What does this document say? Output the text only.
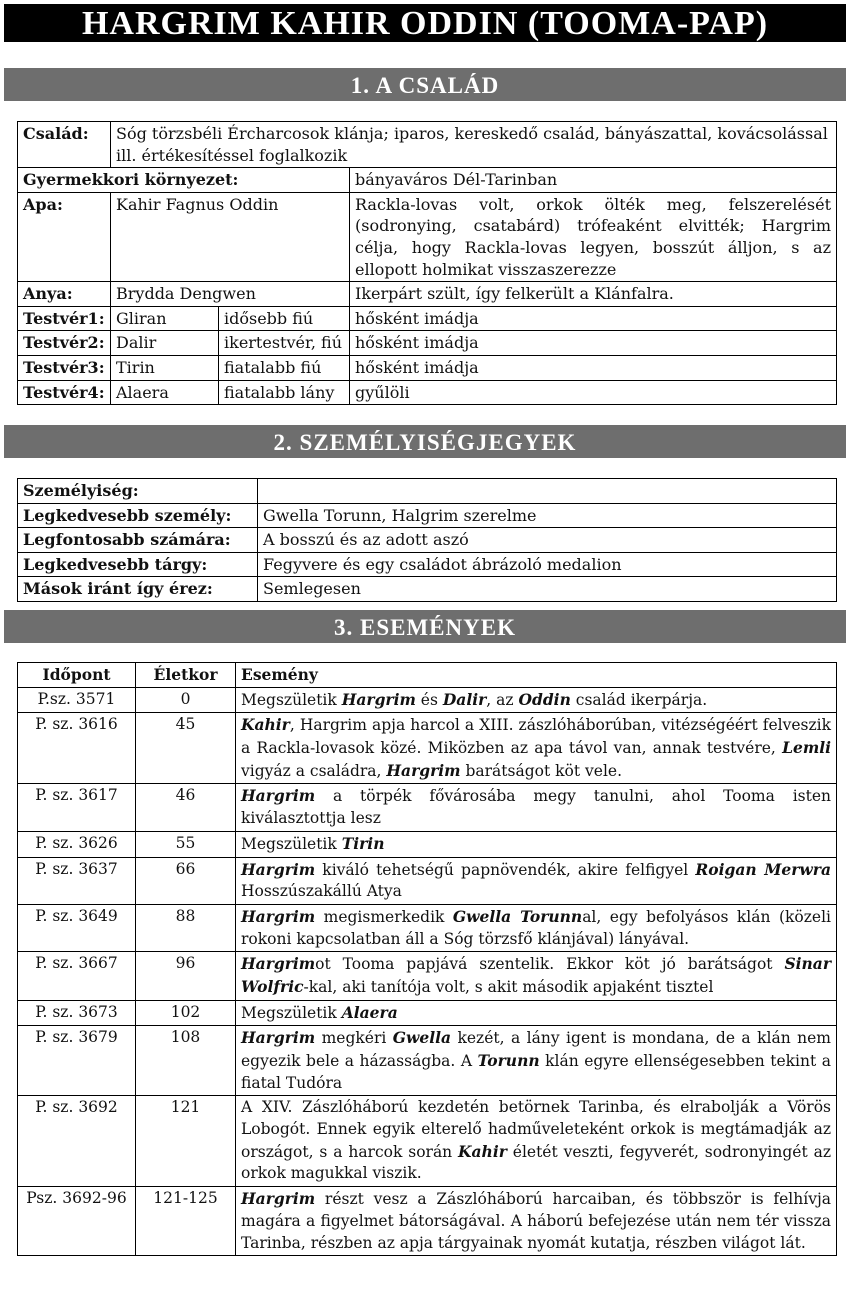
HARGRIM KAHIR ODDIN (TOOMA-PAP)
1. A CSALÁD
Család:	Sóg törzsbéli Ércharcosok klánja; iparos, kereskedő család, bányászattal, kovácsolással ill. értékesítéssel foglalkozik		
Gyermekkori környezet:			bányaváros Dél-Tarinban
Apa:	Kahir Fagnus Oddin		Rackla-lovas volt, orkok ölték meg, felszerelését (sodronying, csatabárd) trófeaként elvitték; Hargrim célja, hogy Rackla-lovas legyen, bosszút álljon, s az ellopott holmikat visszaszerezze
Anya:	Brydda Dengwen		Ikerpárt szült, így felkerült a Klánfalra.
Testvér1:	Gliran	idősebb fiú	hősként imádja
Testvér2:	Dalir	ikertestvér, fiú	hősként imádja
Testvér3:	Tirin	fiatalabb fiú	hősként imádja
Testvér4:	Alaera	fiatalabb lány	gyűlöli
2. SZEMÉLYISÉGJEGYEK
Személyiség:	
Legkedvesebb személy:	Gwella Torunn, Halgrim szerelme
Legfontosabb számára:	A bosszú és az adott aszó
Legkedvesebb tárgy:	Fegyvere és egy családot ábrázoló medalion
Mások iránt így érez:	Semlegesen
3. ESEMÉNYEK
Időpont	Életkor	Esemény
P.sz. 3571	0	Megszületik Hargrim és Dalir, az Oddin család ikerpárja.
P. sz. 3616	45	Kahir, Hargrim apja harcol a XIII. zászlóháborúban, vitézségéért felveszik a Rackla-lovasok közé. Miközben az apa távol van, annak testvére, Lemli vigyáz a családra, Hargrim barátságot köt vele.
P. sz. 3617	46	Hargrim a törpék fővárosába megy tanulni, ahol Tooma isten kiválasztottja lesz
P. sz. 3626	55	Megszületik Tirin
P. sz. 3637	66	Hargrim kiváló tehetségű papnövendék, akire felfigyel Roigan Merwra Hosszúszakállú Atya
P. sz. 3649	88	Hargrim megismerkedik Gwella Torunnal, egy befolyásos klán (közeli rokoni kapcsolatban áll a Sóg törzsfő klánjával) lányával.
P. sz. 3667	96	Hargrimot Tooma papjává szentelik. Ekkor köt jó barátságot Sinar Wolfric-kal, aki tanítója volt, s akit második apjaként tisztel
P. sz. 3673	102	Megszületik Alaera
P. sz. 3679	108	Hargrim megkéri Gwella kezét, a lány igent is mondana, de a klán nem egyezik bele a házasságba. A Torunn klán egyre ellenségesebben tekint a fiatal Tudóra
P. sz. 3692	121	A XIV. Zászlóháború kezdetén betörnek Tarinba, és elrabolják a Vörös Lobogót. Ennek egyik elterelő hadműveleteként orkok is megtámadják az országot, s a harcok során Kahir életét veszti, fegyverét, sodronyingét az orkok magukkal viszik.
Psz. 3692-96	121-125	Hargrim részt vesz a Zászlóháború harcaiban, és többször is felhívja magára a figyelmet bátorságával. A háború befejezése után nem tér vissza Tarinba, részben az apja tárgyainak nyomát kutatja, részben világot lát.
